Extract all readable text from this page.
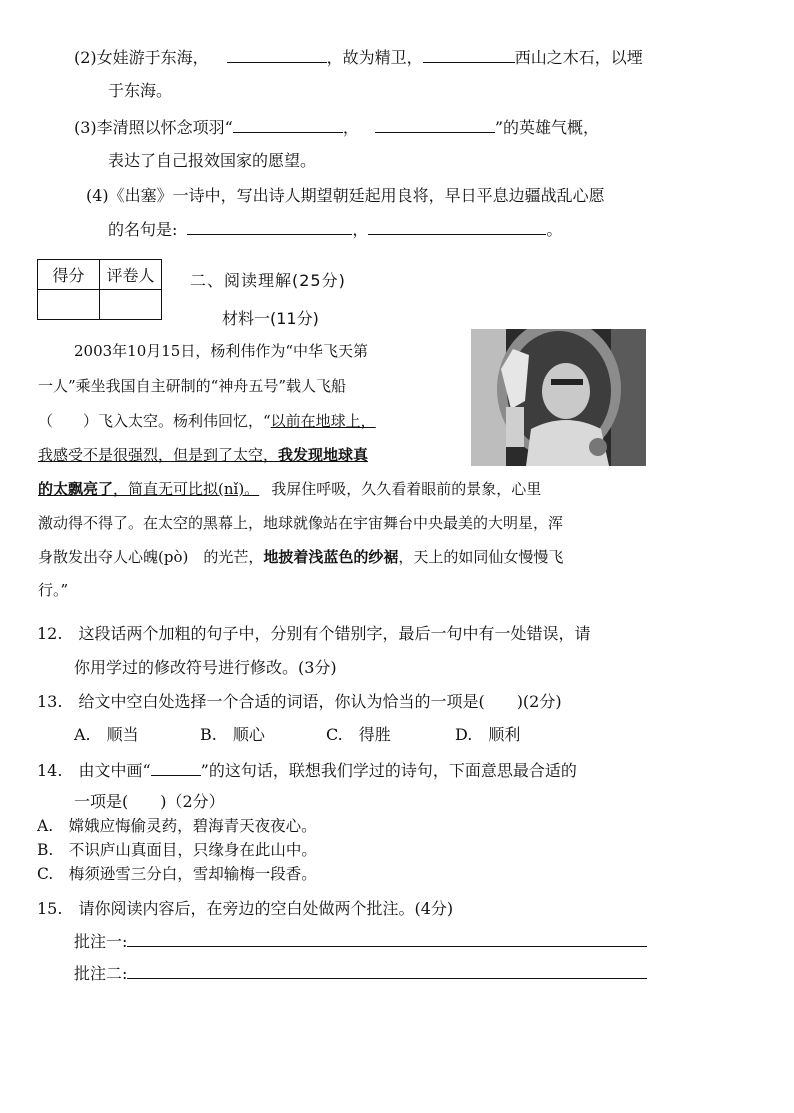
(2)女娃游于东海，	，故为精卫，	西山之木石，以堙
于东海。
(3)李清照以怀念项羽“	，	”的英雄气概，
表达了自己报效国家的愿望。
(4)《出塞》一诗中，写出诗人期望朝廷起用良将，早日平息边疆战乱心愿
的名句是:	，	。
得分	评卷人
	二、阅读理解(25分)
材料一(11分)
2003年10月15日，杨利伟作为“中华飞天第
一人”乘坐我国自主研制的“神舟五号”载人飞船
（　　）飞入太空。杨利伟回忆，“以前在地球上，
我感受不是很强烈，但是到了太空，我发现地球真
的太飘亮了，简直无可比拟(nǐ)。 我屏住呼吸，久久看着眼前的景象，心里
激动得不得了。在太空的黑幕上，地球就像站在宇宙舞台中央最美的大明星，浑
身散发出夺人心魄(pò)　的光芒，地披着浅蓝色的纱裾，天上的如同仙女慢慢飞
行。”
12.　这段话两个加粗的句子中，分别有个错别字，最后一句中有一处错误，请
你用学过的修改符号进行修改。(3分)
13.　给文中空白处选择一个合适的词语，你认为恰当的一项是(　　)(2分)
A.　顺当	B.　顺心	C.　得胜	D.　顺利
14.　由文中画“	”的这句话，联想我们学过的诗句，下面意思最合适的
一项是(　　)（2分）
A.　嫦娥应悔偷灵药，碧海青天夜夜心。
B.　不识庐山真面目，只缘身在此山中。
C.　梅须逊雪三分白，雪却输梅一段香。
15.　请你阅读内容后，在旁边的空白处做两个批注。(4分)
批注一:
批注二:
